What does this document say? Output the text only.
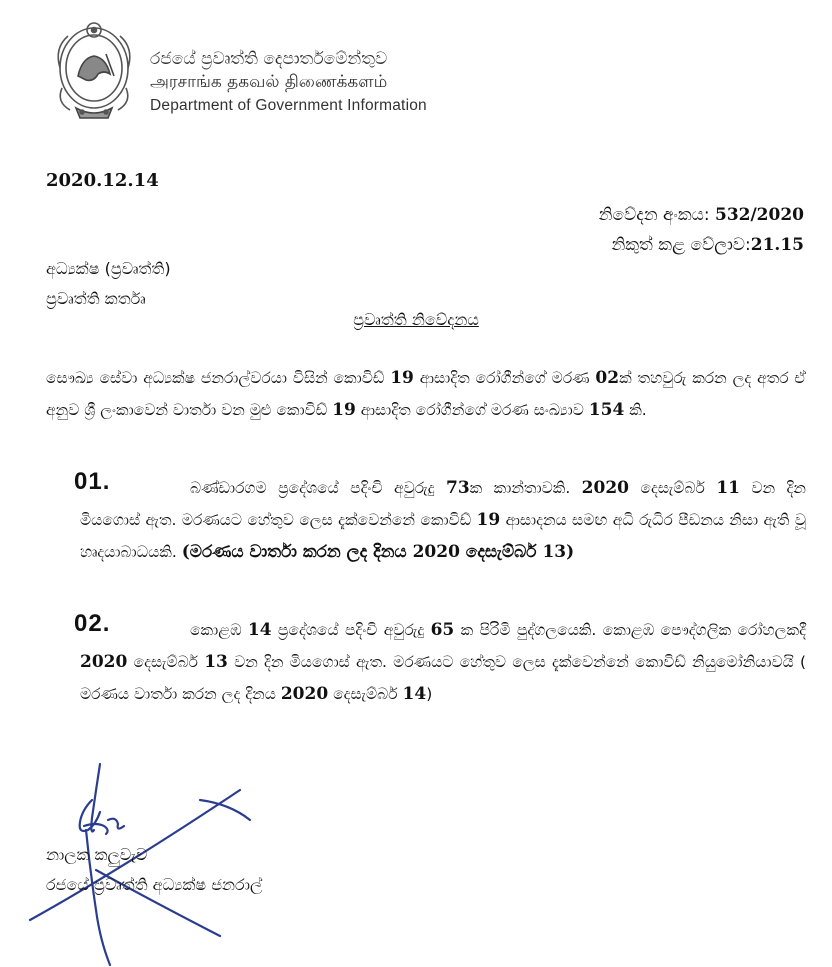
රජයේ ප්‍රවෘත්ති දෙපාර්තමේන්තුව
அரசாங்க தகவல் திணைக்களம்
Department of Government Information
2020.12.14
නිවේදන අංකය: 532/2020
නිකුත් කළ වේලාව:21.15
අධ්‍යක්ෂ (ප්‍රවෘත්ති)
ප්‍රවෘත්ති කර්තෘ
ප්‍රවෘත්ති නිවේදනය
සෞඛ්‍ය සේවා අධ්‍යක්ෂ ජනරාල්වරයා විසින් කොවිඩ් 19 ආසාදිත රෝගීන්ගේ මරණ 02ක් තහවුරු කරන ලද අතර ඒ අනුව ශ්‍රී ලංකාවෙන් වාර්තා වන මුළු කොවිඩ් 19 ආසාදිත රෝගීන්ගේ මරණ සංඛ්‍යාව 154 කි.
01.	බණ්ඩාරගම ප්‍රදේශයේ පදිංචි අවුරුදු 73ක කාන්තාවකි. 2020 දෙසැම්බර් 11 වන දින මියගොස් ඇත. මරණයට හේතුව ලෙස දැක්වෙන්නේ කොවිඩ් 19 ආසාදනය සමඟ අධි රුධිර පීඩනය නිසා ඇති වූ හෘදයාබාධයකි. (මරණය වාර්තා කරන ලද දිනය 2020 දෙසැම්බර් 13)
02.	කොළඹ 14 ප්‍රදේශයේ පදිංචි අවුරුදු 65 ක පිරිමි පුද්ගලයෙකි. කොළඹ පෞද්ගලික රෝහලකදී 2020 දෙසැම්බර් 13 වන දින මියගොස් ඇත. මරණයට හේතුව ලෙස දැක්වෙන්නේ කොවිඩ් නියුමෝනියාවයි ( මරණය වාර්තා කරන ලද දිනය 2020 දෙසැම්බර් 14)
නාලක කලුවැව
රජයේ ප්‍රවෘත්ති අධ්‍යක්ෂ ජනරාල්
